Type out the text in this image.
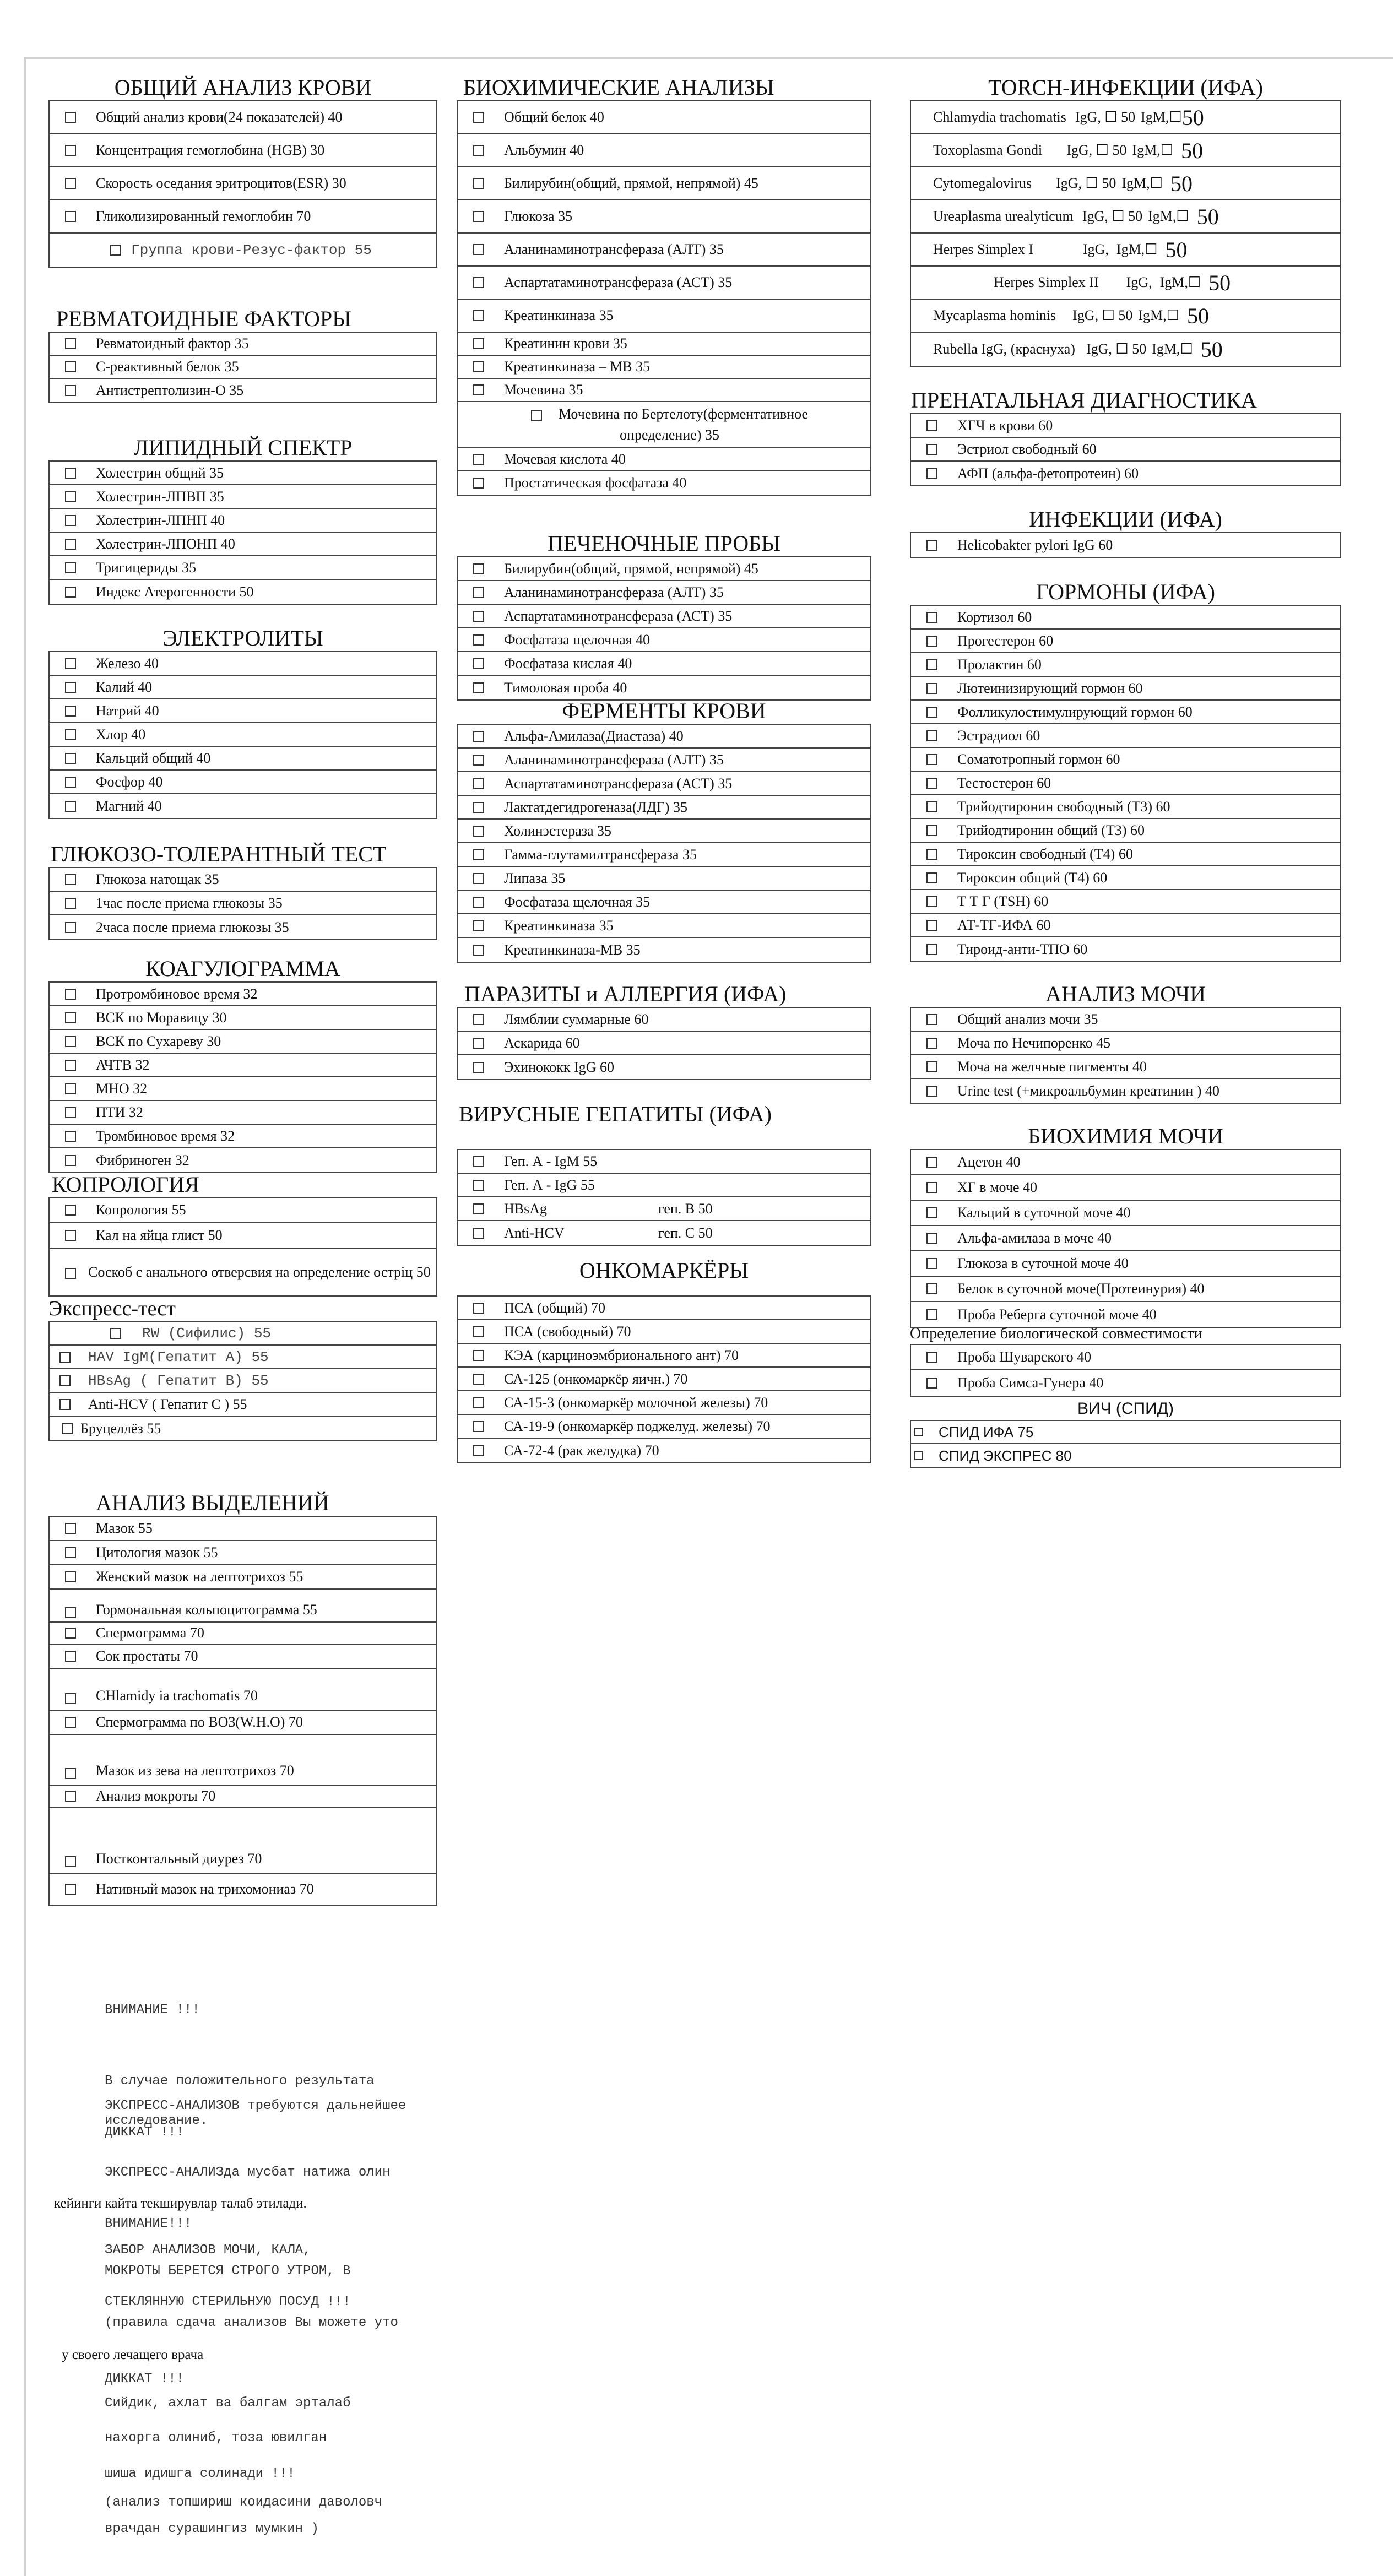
ОБЩИЙ АНАЛИЗ КРОВИ
Общий анализ крови(24 показателей) 40
Концентрация гемоглобина (HGB) 30
Скорость оседания эритроцитов(ESR) 30
Гликолизированный гемоглобин 70
Группа крови-Резус-фактор 55
РЕВМАТОИДНЫЕ ФАКТОРЫ
Ревматоидный фактор 35
С-реактивный белок 35
Антистрептолизин-О 35
ЛИПИДНЫЙ СПЕКТР
Холестрин общий 35
Холестрин-ЛПВП 35
Холестрин-ЛПНП 40
Холестрин-ЛПОНП 40
Тригицериды 35
Индекс Атерогенности 50
ЭЛЕКТРОЛИТЫ
Железо 40
Калий 40
Натрий 40
Хлор 40
Кальций общий 40
Фосфор 40
Магний 40
ГЛЮКОЗО-ТОЛЕРАНТНЫЙ ТЕСТ
Глюкоза натощак 35
1час после приема глюкозы 35
2часа после приема глюкозы 35
КОАГУЛОГРАММА
Протромбиновое время 32
ВСК по Моравицу 30
ВСК по Сухареву 30
АЧТВ 32
МНО 32
ПТИ 32
Тромбиновое время 32
Фибриноген 32
КОПРОЛОГИЯ
Копрология 55
Кал на яйца глист 50
Соскоб с анального отверсвия на определение острiц 50
Экспресс-тест
RW (Сифилис) 55
HAV IgM(Гепатит A) 55
HBsAg ( Гепатит B) 55
Anti-HCV ( Гепатит С ) 55
Бруцеллёз 55
АНАЛИЗ ВЫДЕЛЕНИЙ
Мазок 55
Цитология мазок 55
Женский мазок на лептотрихоз 55
Гормональная кольпоцитограмма 55
Спермограмма 70
Сок простаты 70
CHlamidy ia trachomatis 70
Спермограмма по ВОЗ(W.H.O) 70
Мазок из зева на лептотрихоз 70
Анализ мокроты 70
Постконтальный диурез 70
Нативный мазок на трихомониаз 70
БИОХИМИЧЕСКИЕ АНАЛИЗЫ
Общий белок 40
Альбумин 40
Билирубин(общий, прямой, непрямой) 45
Глюкоза 35
Аланинаминотрансфераза (АЛТ) 35
Аспартатаминотрансфераза (АСТ) 35
Креатинкиназа 35
Креатинин крови 35
Креатинкиназа – МВ 35
Мочевина 35
Мочевина по Бертелоту(ферментативное определение) 35
Мочевая кислота 40
Простатическая фосфатаза 40
ПЕЧЕНОЧНЫЕ ПРОБЫ
Билирубин(общий, прямой, непрямой) 45
Аланинаминотрансфераза (АЛТ) 35
Аспартатаминотрансфераза (АСТ) 35
Фосфатаза щелочная 40
Фосфатаза кислая 40
Тимоловая проба 40
ФЕРМЕНТЫ КРОВИ
Альфа-Амилаза(Диастаза) 40
Аланинаминотрансфераза (АЛТ) 35
Аспартатаминотрансфераза (АСТ) 35
Лактатдегидрогеназа(ЛДГ) 35
Холинэстераза 35
Гамма-глутамилтрансфераза 35
Липаза 35
Фосфатаза щелочная 35
Креатинкиназа 35
Креатинкиназа-МВ 35
ПАРАЗИТЫ и АЛЛЕРГИЯ (ИФА)
Лямблии суммарные 60
Аскарида 60
Эхинококк IgG 60
ВИРУСНЫЕ ГЕПАТИТЫ (ИФА)
Геп. А - IgM 55
Геп. А - IgG 55
HBsAg	геп. B 50
Anti-HCV	геп. С 50
ОНКОМАРКЁРЫ
ПСА (общий) 70
ПСА (свободный) 70
КЭА (карциноэмбрионального ант) 70
СА-125 (онкомаркёр яичн.) 70
СА-15-3 (онкомаркёр молочной железы) 70
СА-19-9 (онкомаркёр поджелуд. железы) 70
СА-72-4 (рак желудка) 70
TORCH-ИНФЕКЦИИ (ИФА)
Chlamydia trachomatis IgG, ☐ 50 IgM,☐ 50
Toxoplasma Gondi IgG, ☐ 50 IgM,☐ 50
Cytomegalovirus IgG, ☐ 50 IgM,☐ 50
Ureaplasma urealyticum IgG, ☐ 50 IgM,☐ 50
Herpes Simplex I	IgG, IgM,☐ 50
Herpes Simplex II IgG, IgM,☐ 50
Mycaplasma hominis IgG, ☐ 50 IgM,☐ 50
Rubella IgG, (краснуха) IgG, ☐ 50 IgM,☐ 50
ПРЕНАТАЛЬНАЯ ДИАГНОСТИКА
ХГЧ в крови 60
Эстриол свободный 60
АФП (альфа-фетопротеин) 60
ИНФЕКЦИИ (ИФА)
Helicobakter pylori IgG 60
ГОРМОНЫ (ИФА)
Кортизол 60
Прогестерон 60
Пролактин 60
Лютеинизирующий гормон 60
Фолликулостимулирующий гормон 60
Эстрадиол 60
Соматотропный гормон 60
Тестостерон 60
Трийодтиронин свободный (Т3) 60
Трийодтиронин общий (Т3) 60
Тироксин свободный (Т4) 60
Тироксин общий (Т4) 60
Т Т Г (TSH) 60
АТ-ТГ-ИФА 60
Тироид-анти-ТПО 60
АНАЛИЗ МОЧИ
Общий анализ мочи 35
Моча по Нечипоренко 45
Моча на желчные пигменты 40
Urine test (+микроальбумин креатинин ) 40
БИОХИМИЯ МОЧИ
Ацетон 40
ХГ в моче 40
Кальций в суточной моче 40
Альфа-амилаза в моче 40
Глюкоза в суточной моче 40
Белок в суточной моче(Протеинурия) 40
Проба Реберга суточной моче 40
Определение биологической совместимости
Проба Шуварского 40
Проба Симса-Гунера 40
ВИЧ (СПИД)
СПИД ИФА 75
СПИД ЭКСПРЕС 80
ВНИМАНИЕ !!!
В случае положительного результата
ЭКСПРЕСС-АНАЛИЗОВ требуются дальнейшее исследование.
ДИККАТ !!!
ЭКСПРЕСС-АНАЛИЗда мусбат натижа олин
кейинги кайта текширувлар талаб этилади.
ВНИМАНИЕ!!!
ЗАБОР АНАЛИЗОВ МОЧИ, КАЛА,
МОКРОТЫ БЕРЕТСЯ СТРОГО УТРОМ, В
СТЕКЛЯННУЮ СТЕРИЛЬНУЮ ПОСУД !!!
(правила сдача анализов Вы можете уто
у своего лечащего врача
ДИККАТ !!!
Сийдик, ахлат ва балгам эрталаб
нахорга олиниб, тоза ювилган
шиша идишга солинади !!!
(анализ топшириш коидасини даволовч
врачдан сурашингиз мумкин )
